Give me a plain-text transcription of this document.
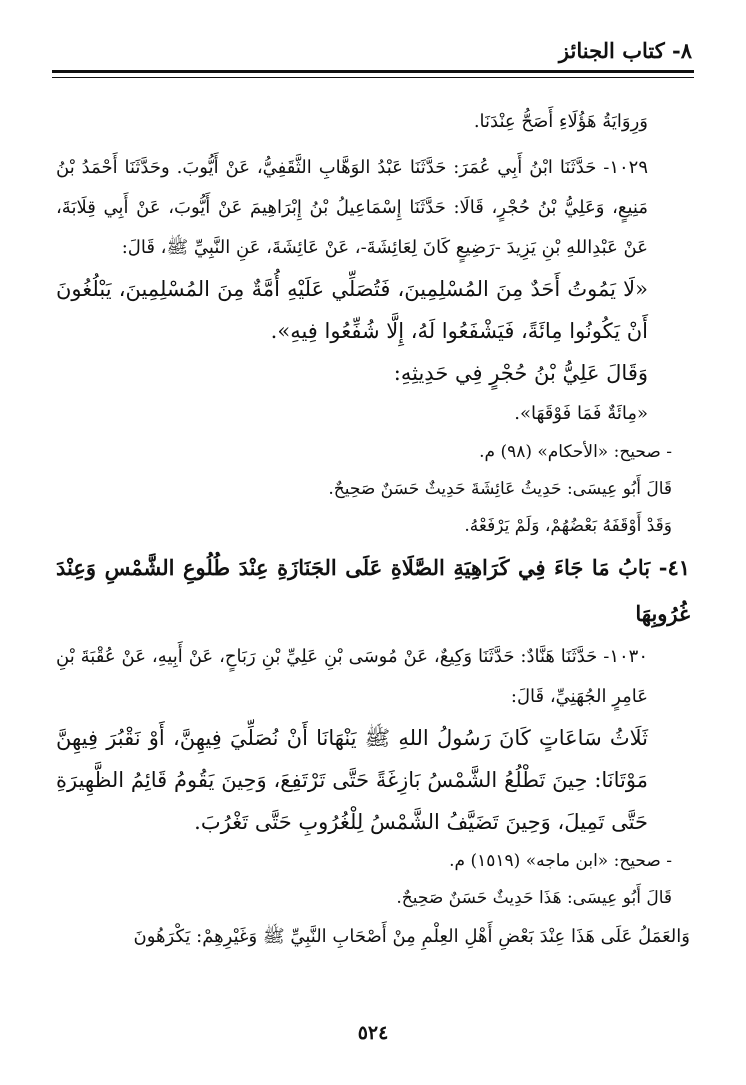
٨- كتاب الجنائز

وَرِوَايَةُ هَؤُلَاءِ أَصَحُّ عِنْدَنَا.

١٠٢٩- حَدَّثَنَا ابْنُ أَبِي عُمَرَ: حَدَّثَنَا عَبْدُ الوَهَّابِ الثَّقَفِيُّ، عَنْ أَيُّوبَ. وحَدَّثَنَا أَحْمَدُ بْنُ مَنِيعٍ، وَعَلِيُّ بْنُ حُجْرٍ، قَالَا: حَدَّثَنَا إِسْمَاعِيلُ بْنُ إِبْرَاهِيمَ عَنْ أَيُّوبَ، عَنْ أَبِي قِلَابَةَ، عَنْ عَبْدِاللهِ بْنِ يَزِيدَ -رَضِيعٍ كَانَ لِعَائِشَةَ-، عَنْ عَائِشَةَ، عَنِ النَّبِيِّ ﷺ، قَالَ:

«لَا يَمُوتُ أَحَدٌ مِنَ المُسْلِمِينَ، فَتُصَلِّي عَلَيْهِ أُمَّةٌ مِنَ المُسْلِمِينَ، يَبْلُغُونَ أَنْ يَكُونُوا مِائَةً، فَيَشْفَعُوا لَهُ، إِلَّا شُفِّعُوا فِيهِ».

وَقَالَ عَلِيُّ بْنُ حُجْرٍ فِي حَدِيثِهِ:

«مِائَةٌ فَمَا فَوْقَهَا».

- صحيح: «الأحكام» (٩٨) م.

قَالَ أَبُو عِيسَى: حَدِيثُ عَائِشَةَ حَدِيثٌ حَسَنٌ صَحِيحٌ.

وَقَدْ أَوْقَفَهُ بَعْضُهُمْ، وَلَمْ يَرْفَعْهُ.

٤١- بَابُ مَا جَاءَ فِي كَرَاهِيَةِ الصَّلَاةِ عَلَى الجَنَازَةِ عِنْدَ طُلُوعِ الشَّمْسِ وَعِنْدَ غُرُوبِهَا

١٠٣٠- حَدَّثَنَا هَنَّادٌ: حَدَّثَنَا وَكِيعٌ، عَنْ مُوسَى بْنِ عَلِيِّ بْنِ رَبَاحٍ، عَنْ أَبِيهِ، عَنْ عُقْبَةَ بْنِ عَامِرٍ الجُهَنِيِّ، قَالَ:

ثَلَاثُ سَاعَاتٍ كَانَ رَسُولُ اللهِ ﷺ يَنْهَانَا أَنْ نُصَلِّيَ فِيهِنَّ، أَوْ نَقْبُرَ فِيهِنَّ مَوْتَانَا: حِينَ تَطْلُعُ الشَّمْسُ بَازِغَةً حَتَّى تَرْتَفِعَ، وَحِينَ يَقُومُ قَائِمُ الظَّهِيرَةِ حَتَّى تَمِيلَ، وَحِينَ تَضَيَّفُ الشَّمْسُ لِلْغُرُوبِ حَتَّى تَغْرُبَ.

- صحيح: «ابن ماجه» (١٥١٩) م.

قَالَ أَبُو عِيسَى: هَذَا حَدِيثٌ حَسَنٌ صَحِيحٌ.

وَالعَمَلُ عَلَى هَذَا عِنْدَ بَعْضِ أَهْلِ العِلْمِ مِنْ أَصْحَابِ النَّبِيِّ ﷺ وَغَيْرِهِمْ: يَكْرَهُونَ

٥٢٤
